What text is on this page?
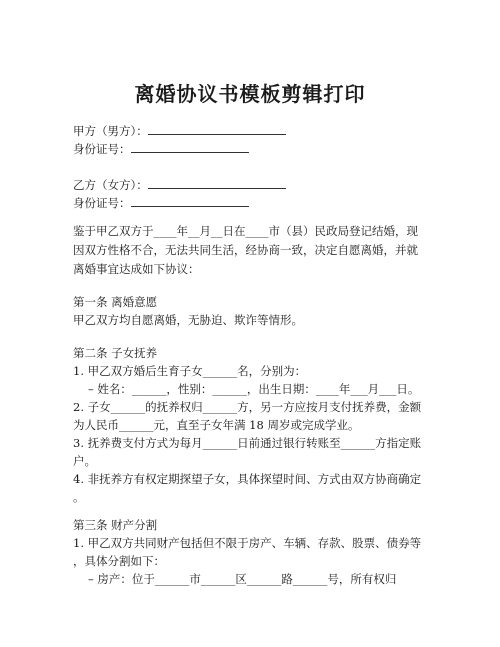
离婚协议书模板剪辑打印
甲方（男方）：
身份证号：
乙方（女方）：
身份证号：
鉴于甲乙双方于____年__月__日在____市（县）民政局登记结婚，现
因双方性格不合，无法共同生活，经协商一致，决定自愿离婚，并就
离婚事宜达成如下协议：
第一条 离婚意愿
甲乙双方均自愿离婚，无胁迫、欺诈等情形。
第二条 子女抚养
1. 甲乙双方婚后生育子女______名，分别为：
– 姓名：______，性别：______，出生日期：____年___月___日。
2. 子女______的抚养权归______方，另一方应按月支付抚养费，金额
为人民币______元，直至子女年满 18 周岁或完成学业。
3. 抚养费支付方式为每月______日前通过银行转账至______方指定账
户。
4. 非抚养方有权定期探望子女，具体探望时间、方式由双方协商确定
。
第三条 财产分割
1. 甲乙双方共同财产包括但不限于房产、车辆、存款、股票、债券等
，具体分割如下：
– 房产：位于______市______区______路______号，所有权归
